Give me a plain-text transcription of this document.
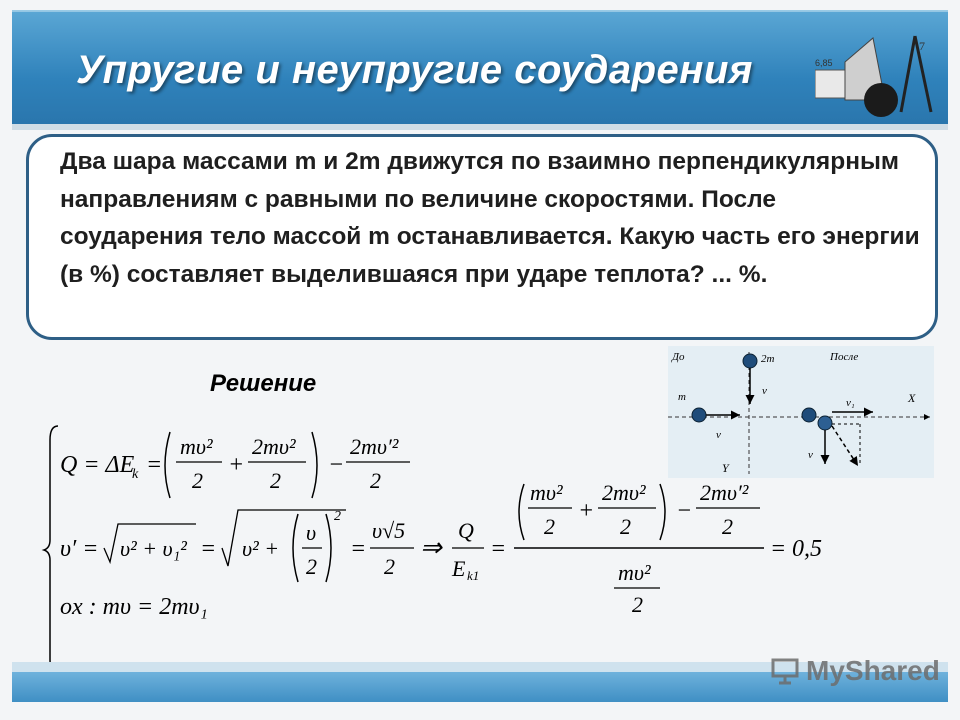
Упругие и неупругие соударения
7
6,85
Два шара массами m и 2m движутся по взаимно перпендикулярным направлениям с равными по величине скоростями. После соударения тело массой m останавливается. Какую часть его энергии (в %) составляет выделившаяся при ударе теплота? ... %.
Решение
До	После
X
Y
2m
v
m
v
v₁
v
Q = ΔE
k =
mυ²
2
+
2mυ²
2
−
2mυ′²
2
υ′ = υ² + υ₁² = υ² +
υ
2
2
=
υ√5
2
⇒
Q
E k1
=
mυ²
2
+
2mυ²
2
−
2mυ′²
2
mυ²
2
= 0,5
ox : mυ = 2mυ₁
MyShared
